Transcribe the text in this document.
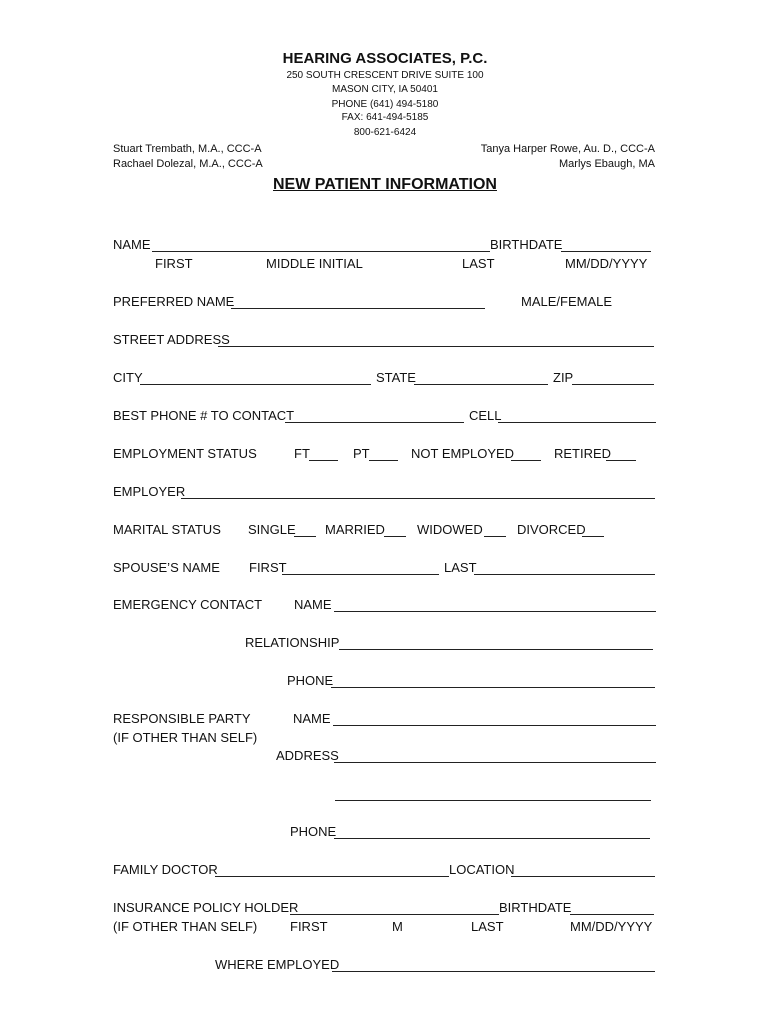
HEARING ASSOCIATES, P.C.
250 SOUTH CRESCENT DRIVE SUITE 100
MASON CITY, IA 50401
PHONE (641) 494-5180
FAX: 641-494-5185
800-621-6424
Stuart Trembath, M.A., CCC-A
Rachael Dolezal, M.A., CCC-A
Tanya Harper Rowe, Au. D., CCC-A
Marlys Ebaugh, MA
NEW PATIENT INFORMATION
NAME	BIRTHDATE
FIRST	MIDDLE INITIAL	LAST	MM/DD/YYYY
PREFERRED NAME	MALE/FEMALE
STREET ADDRESS
CITY	STATE	ZIP
BEST PHONE # TO CONTACT	CELL
EMPLOYMENT STATUS	FT	PT	NOT EMPLOYED	RETIRED
EMPLOYER
MARITAL STATUS SINGLE MARRIED WIDOWED	DIVORCED
SPOUSE’S NAME FIRST	LAST
EMERGENCY CONTACT NAME
RELATIONSHIP
PHONE
RESPONSIBLE PARTY
(IF OTHER THAN SELF)
NAME
ADDRESS
PHONE
FAMILY DOCTOR	LOCATION
INSURANCE POLICY HOLDER	BIRTHDATE
(IF OTHER THAN SELF)	FIRST	M	LAST	MM/DD/YYYY
WHERE EMPLOYED
